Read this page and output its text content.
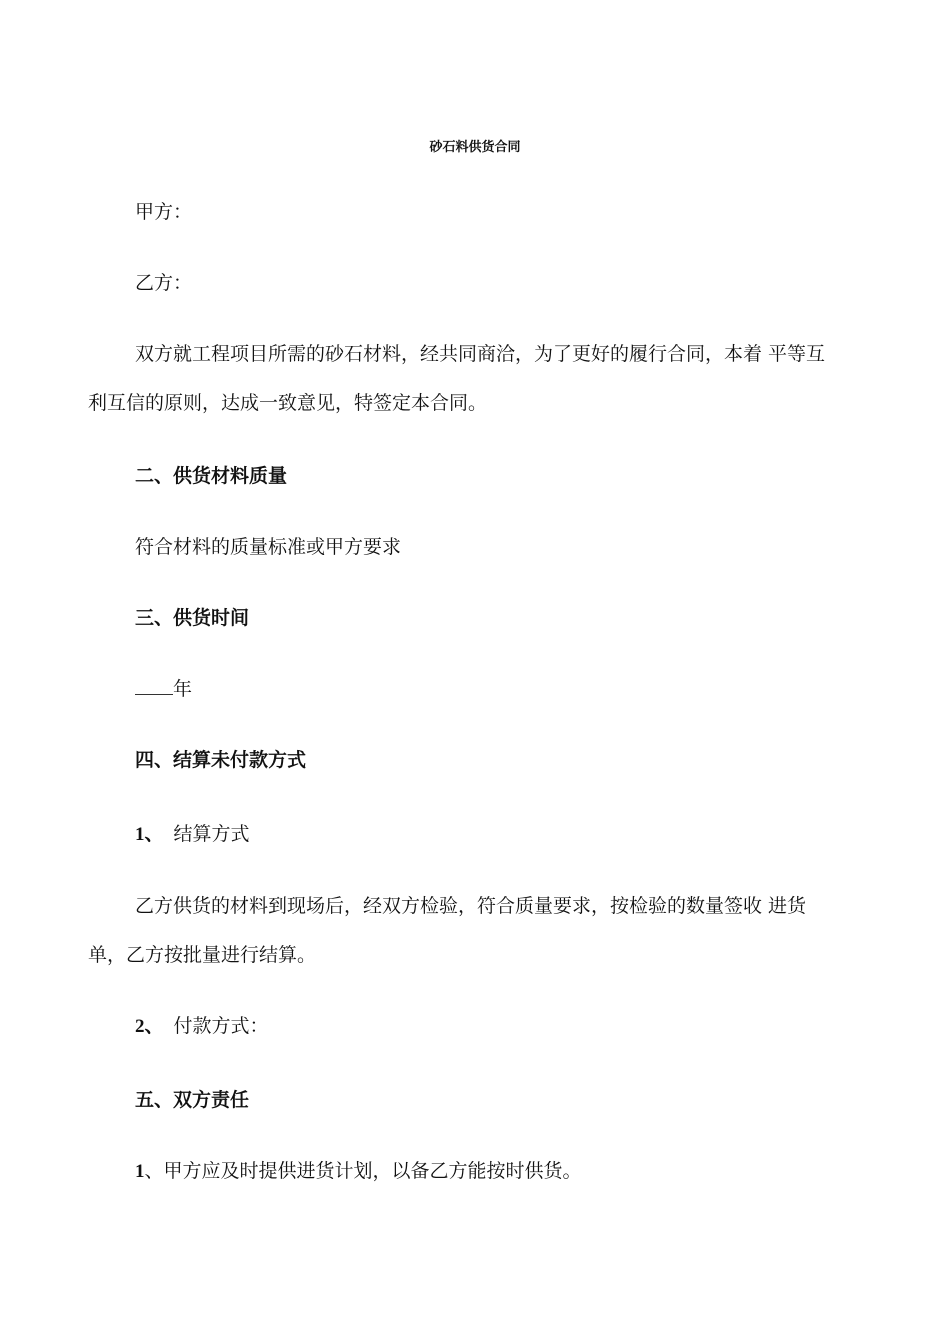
砂石料供货合同
甲方：
乙方：
双方就工程项目所需的砂石材料，经共同商洽，为了更好的履行合同，本着 平等互
利互信的原则，达成一致意见，特签定本合同。
二、供货材料质量
符合材料的质量标准或甲方要求
三、供货时间
年
四、结算未付款方式
1、 结算方式
乙方供货的材料到现场后，经双方检验，符合质量要求，按检验的数量签收 进货
单，乙方按批量进行结算。
2、 付款方式：
五、双方责任
1、甲方应及时提供进货计划，以备乙方能按时供货。
